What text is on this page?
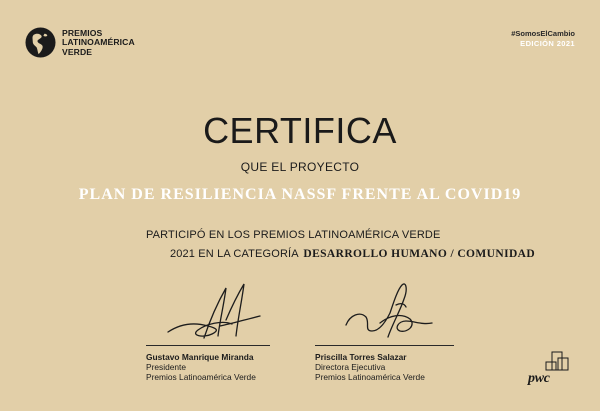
PREMIOS
LATINOAMÉRICA
VERDE
#SomosElCambio
EDICIÓN 2021
CERTIFICA
QUE EL PROYECTO
PLAN DE RESILIENCIA NASSF FRENTE AL COVID19
PARTICIPÓ EN LOS PREMIOS LATINOAMÉRICA VERDE
2021 EN LA CATEGORÍA DESARROLLO HUMANO / COMUNIDAD
Gustavo Manrique Miranda
Presidente
Premios Latinoamérica Verde
Priscilla Torres Salazar
Directora Ejecutiva
Premios Latinoamérica Verde	pwc
